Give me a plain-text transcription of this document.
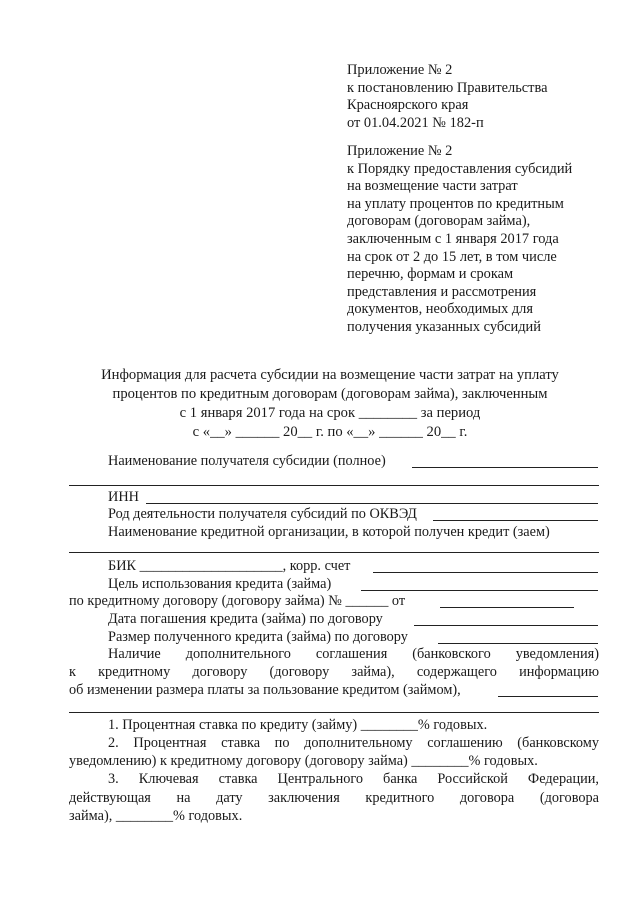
Приложение № 2
к постановлению Правительства
Красноярского края
от 01.04.2021 № 182-п
Приложение № 2
к Порядку предоставления субсидий
на возмещение части затрат
на уплату процентов по кредитным
договорам (договорам займа),
заключенным с 1 января 2017 года
на срок от 2 до 15 лет, в том числе
перечню, формам и срокам
представления и рассмотрения
документов, необходимых для
получения указанных субсидий
Информация для расчета субсидии на возмещение части затрат на уплату
процентов по кредитным договорам (договорам займа), заключенным
с 1 января 2017 года на срок ________ за период
с «__» ______ 20__ г. по «__» ______ 20__ г.
Наименование получателя субсидии (полное)
ИНН
Род деятельности получателя субсидий по ОКВЭД
Наименование кредитной организации, в которой получен кредит (заем)
БИК ____________________, корр. счет
Цель использования кредита (займа)
по кредитному договору (договору займа) № ______ от
Дата погашения кредита (займа) по договору
Размер полученного кредита (займа) по договору
Наличие дополнительного соглашения (банковского уведомления)
к кредитному договору (договору займа), содержащего информацию
об изменении размера платы за пользование кредитом (займом),
1. Процентная ставка по кредиту (займу) ________% годовых.
2. Процентная ставка по дополнительному соглашению (банковскому
уведомлению) к кредитному договору (договору займа) ________% годовых.
3. Ключевая ставка Центрального банка Российской Федерации,
действующая на дату заключения кредитного договора (договора
займа), ________% годовых.
